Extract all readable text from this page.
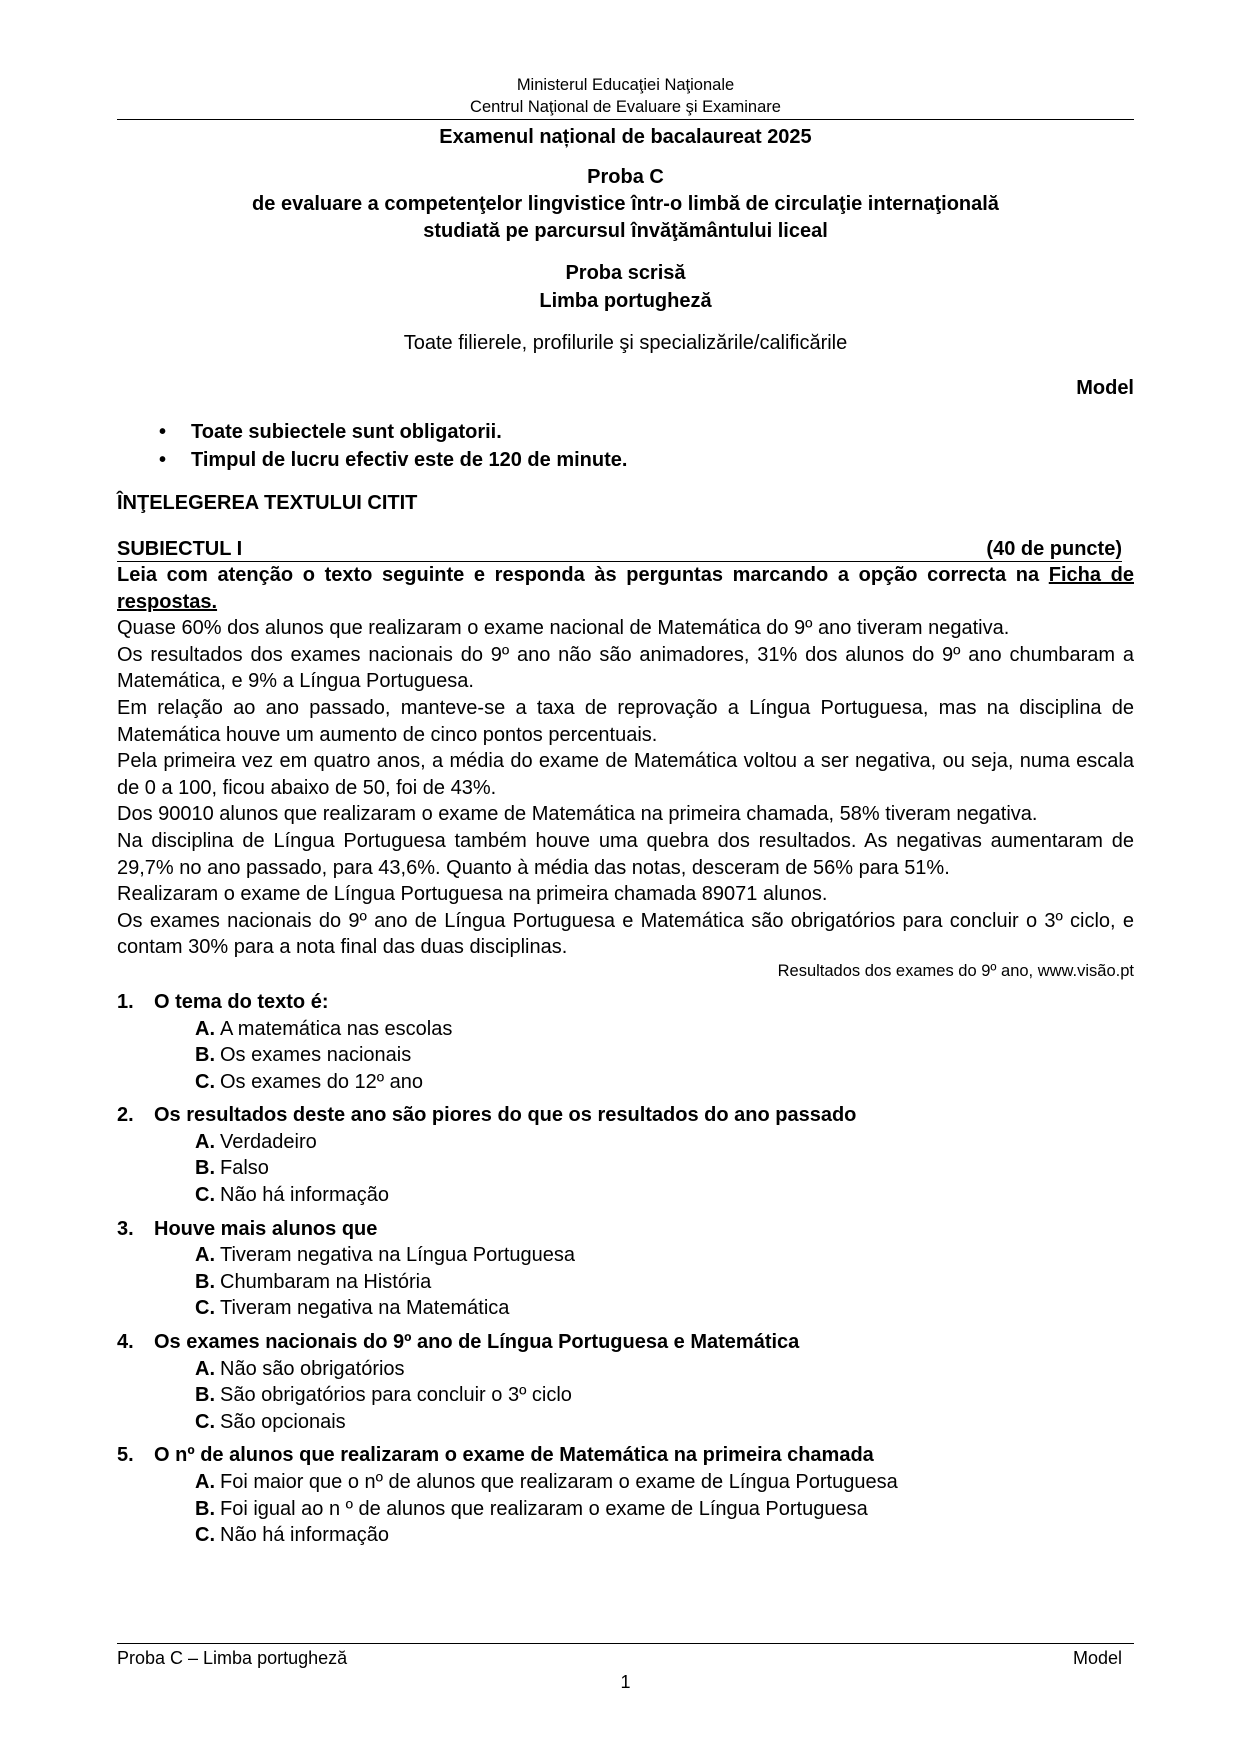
Ministerul Educaţiei Naţionale
Centrul Naţional de Evaluare şi Examinare
Examenul național de bacalaureat 2025
Proba C
de evaluare a competenţelor lingvistice într-o limbă de circulaţie internaţională
studiată pe parcursul învăţământului liceal
Proba scrisă
Limba portugheză
Toate filierele, profilurile şi specializările/calificările
Model
• Toate subiectele sunt obligatorii.
• Timpul de lucru efectiv este de 120 de minute.
ÎNŢELEGEREA TEXTULUI CITIT
SUBIECTUL I	(40 de puncte)
Leia com atenção o texto seguinte e responda às perguntas marcando a opção correcta na Ficha de respostas.
Quase 60% dos alunos que realizaram o exame nacional de Matemática do 9º ano tiveram negativa.
Os resultados dos exames nacionais do 9º ano não são animadores, 31% dos alunos do 9º ano chumbaram a Matemática, e 9% a Língua Portuguesa.
Em relação ao ano passado, manteve-se a taxa de reprovação a Língua Portuguesa, mas na disciplina de Matemática houve um aumento de cinco pontos percentuais.
Pela primeira vez em quatro anos, a média do exame de Matemática voltou a ser negativa, ou seja, numa escala de 0 a 100, ficou abaixo de 50, foi de 43%.
Dos 90010 alunos que realizaram o exame de Matemática na primeira chamada, 58% tiveram negativa.
Na disciplina de Língua Portuguesa também houve uma quebra dos resultados. As negativas aumentaram de 29,7% no ano passado, para 43,6%. Quanto à média das notas, desceram de 56% para 51%.
Realizaram o exame de Língua Portuguesa na primeira chamada 89071 alunos.
Os exames nacionais do 9º ano de Língua Portuguesa e Matemática são obrigatórios para concluir o 3º ciclo, e contam 30% para a nota final das duas disciplinas.
Resultados dos exames do 9º ano, www.visão.pt
1.	O tema do texto é:
A. A matemática nas escolas
B. Os exames nacionais
C. Os exames do 12º ano
2.	Os resultados deste ano são piores do que os resultados do ano passado
A. Verdadeiro
B. Falso
C. Não há informação
3.	Houve mais alunos que
A. Tiveram negativa na Língua Portuguesa
B. Chumbaram na História
C. Tiveram negativa na Matemática
4.	Os exames nacionais do 9º ano de Língua Portuguesa e Matemática
A. Não são obrigatórios
B. São obrigatórios para concluir o 3º ciclo
C. São opcionais
5.	O nº de alunos que realizaram o exame de Matemática na primeira chamada
A. Foi maior que o nº de alunos que realizaram o exame de Língua Portuguesa
B. Foi igual ao n º de alunos que realizaram o exame de Língua Portuguesa
C. Não há informação
Proba C – Limba portugheză	Model
1
